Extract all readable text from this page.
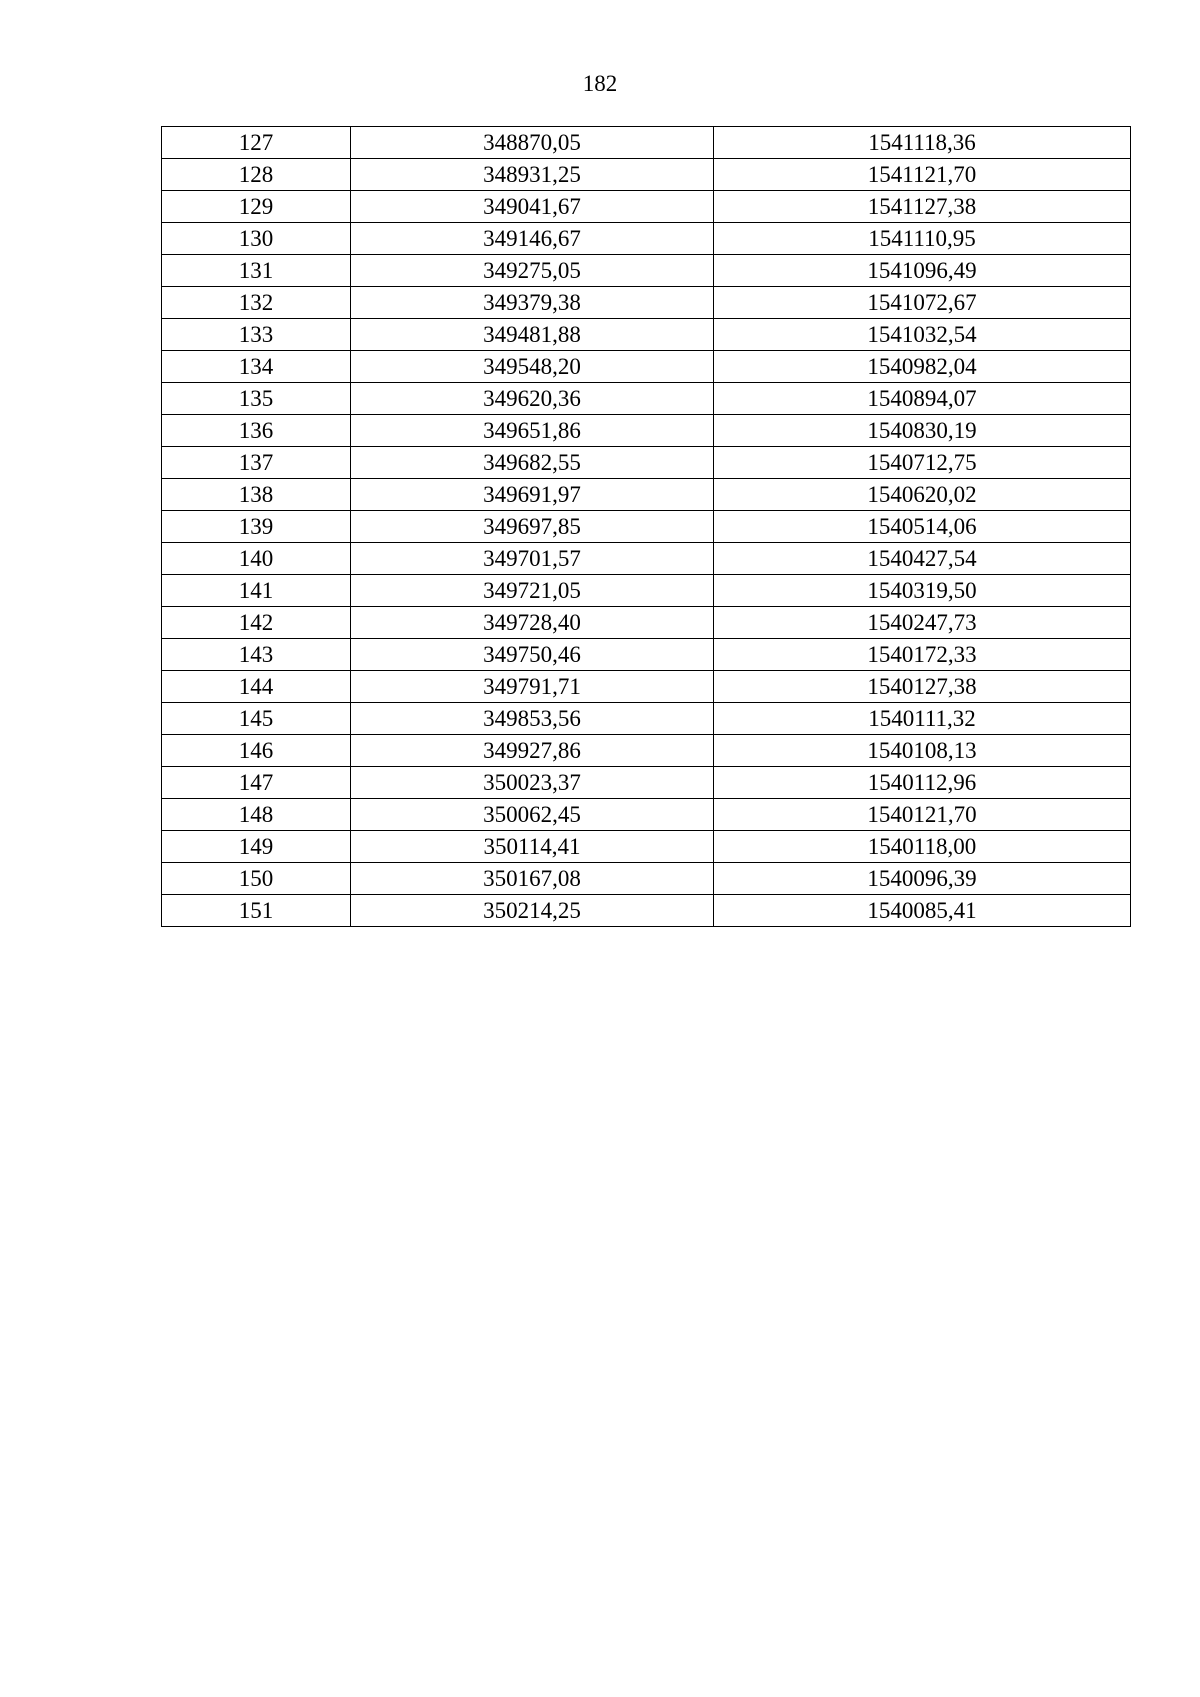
182
127	348870,05	1541118,36
128	348931,25	1541121,70
129	349041,67	1541127,38
130	349146,67	1541110,95
131	349275,05	1541096,49
132	349379,38	1541072,67
133	349481,88	1541032,54
134	349548,20	1540982,04
135	349620,36	1540894,07
136	349651,86	1540830,19
137	349682,55	1540712,75
138	349691,97	1540620,02
139	349697,85	1540514,06
140	349701,57	1540427,54
141	349721,05	1540319,50
142	349728,40	1540247,73
143	349750,46	1540172,33
144	349791,71	1540127,38
145	349853,56	1540111,32
146	349927,86	1540108,13
147	350023,37	1540112,96
148	350062,45	1540121,70
149	350114,41	1540118,00
150	350167,08	1540096,39
151	350214,25	1540085,41
